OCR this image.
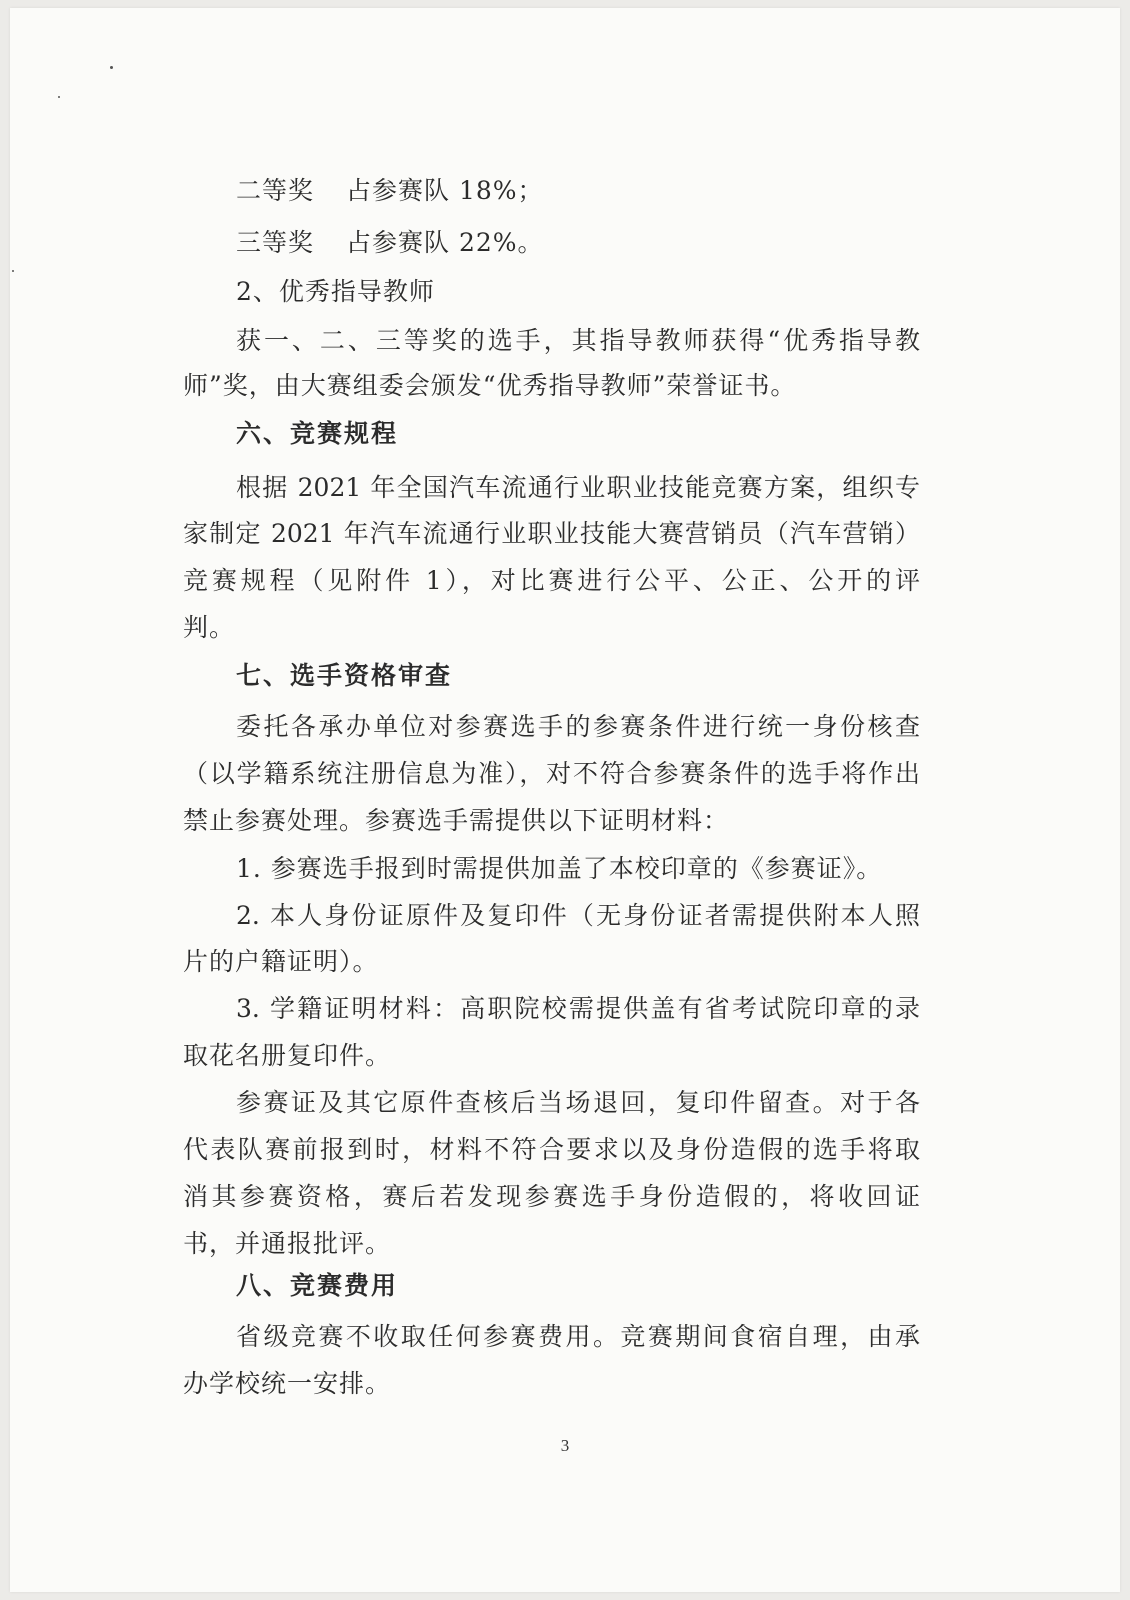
二等奖 占参赛队 18%；
三等奖 占参赛队 22%。
2、优秀指导教师
获一、二、三等奖的选手，其指导教师获得“优秀指导教
师”奖，由大赛组委会颁发“优秀指导教师”荣誉证书。
六、竞赛规程
根据 2021 年全国汽车流通行业职业技能竞赛方案，组织专
家制定 2021 年汽车流通行业职业技能大赛营销员（汽车营销）
竞赛规程（见附件 1），对比赛进行公平、公正、公开的评
判。
七、选手资格审查
委托各承办单位对参赛选手的参赛条件进行统一身份核查
（以学籍系统注册信息为准），对不符合参赛条件的选手将作出
禁止参赛处理。参赛选手需提供以下证明材料：
1. 参赛选手报到时需提供加盖了本校印章的《参赛证》。
2. 本人身份证原件及复印件（无身份证者需提供附本人照
片的户籍证明）。
3. 学籍证明材料：高职院校需提供盖有省考试院印章的录
取花名册复印件。
参赛证及其它原件查核后当场退回，复印件留查。对于各
代表队赛前报到时，材料不符合要求以及身份造假的选手将取
消其参赛资格，赛后若发现参赛选手身份造假的，将收回证
书，并通报批评。
八、竞赛费用
省级竞赛不收取任何参赛费用。竞赛期间食宿自理，由承
办学校统一安排。
3
